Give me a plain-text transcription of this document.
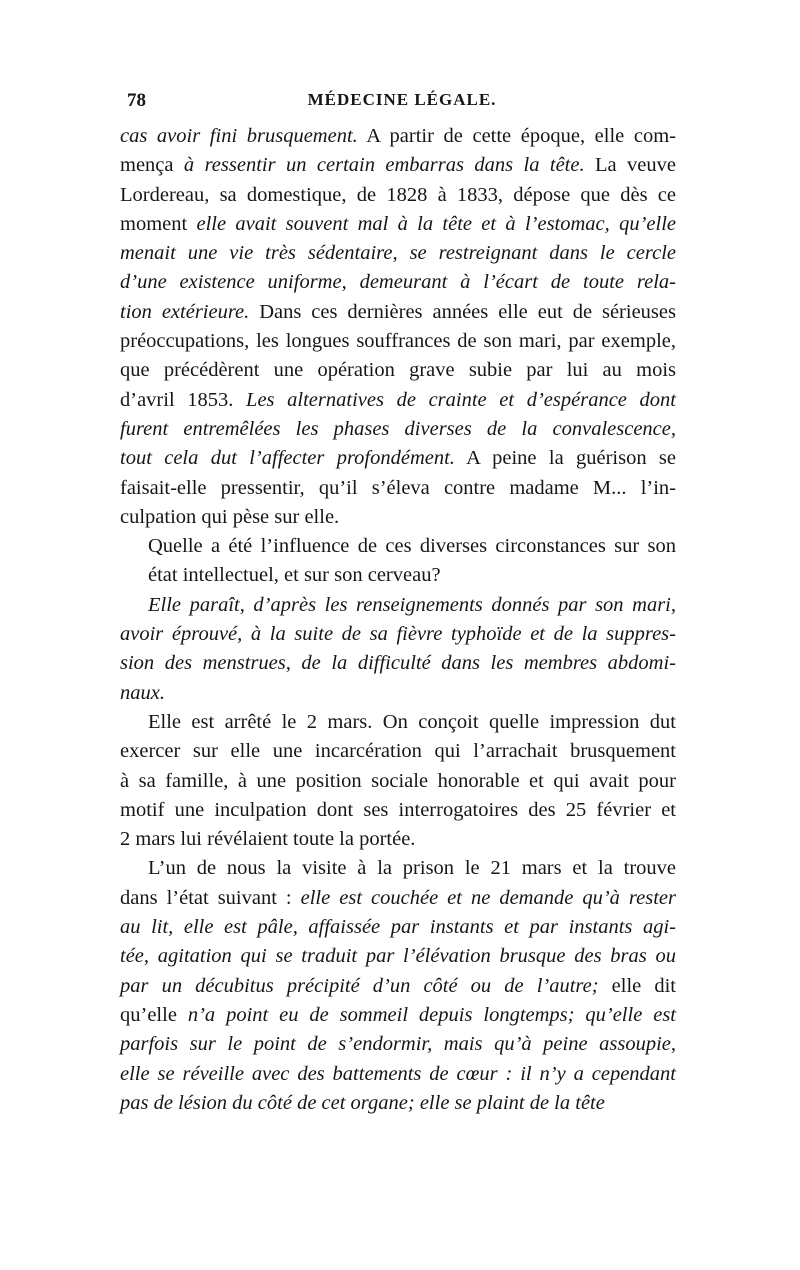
78	MÉDECINE LÉGALE.
cas avoir fini brusquement. A partir de cette époque, elle com-
mença à ressentir un certain embarras dans la tête. La veuve
Lordereau, sa domestique, de 1828 à 1833, dépose que dès ce
moment elle avait souvent mal à la tête et à l’estomac, qu’elle
menait une vie très sédentaire, se restreignant dans le cercle
d’une existence uniforme, demeurant à l’écart de toute rela-
tion extérieure. Dans ces dernières années elle eut de sérieuses
préoccupations, les longues souffrances de son mari, par exemple,
que précédèrent une opération grave subie par lui au mois
d’avril 1853. Les alternatives de crainte et d’espérance dont
furent entremêlées les phases diverses de la convalescence,
tout cela dut l’affecter profondément. A peine la guérison se
faisait-elle pressentir, qu’il s’éleva contre madame M... l’in-
culpation qui pèse sur elle.
Quelle a été l’influence de ces diverses circonstances sur son
état intellectuel, et sur son cerveau?
Elle paraît, d’après les renseignements donnés par son mari,
avoir éprouvé, à la suite de sa fièvre typhoïde et de la suppres-
sion des menstrues, de la difficulté dans les membres abdomi-
naux.
Elle est arrêté le 2 mars. On conçoit quelle impression dut
exercer sur elle une incarcération qui l’arrachait brusquement
à sa famille, à une position sociale honorable et qui avait pour
motif une inculpation dont ses interrogatoires des 25 février et
2 mars lui révélaient toute la portée.
L’un de nous la visite à la prison le 21 mars et la trouve
dans l’état suivant : elle est couchée et ne demande qu’à rester
au lit, elle est pâle, affaissée par instants et par instants agi-
tée, agitation qui se traduit par l’élévation brusque des bras ou
par un décubitus précipité d’un côté ou de l’autre; elle dit
qu’elle n’a point eu de sommeil depuis longtemps; qu’elle est
parfois sur le point de s’endormir, mais qu’à peine assoupie,
elle se réveille avec des battements de cœur : il n’y a cependant
pas de lésion du côté de cet organe; elle se plaint de la tête
